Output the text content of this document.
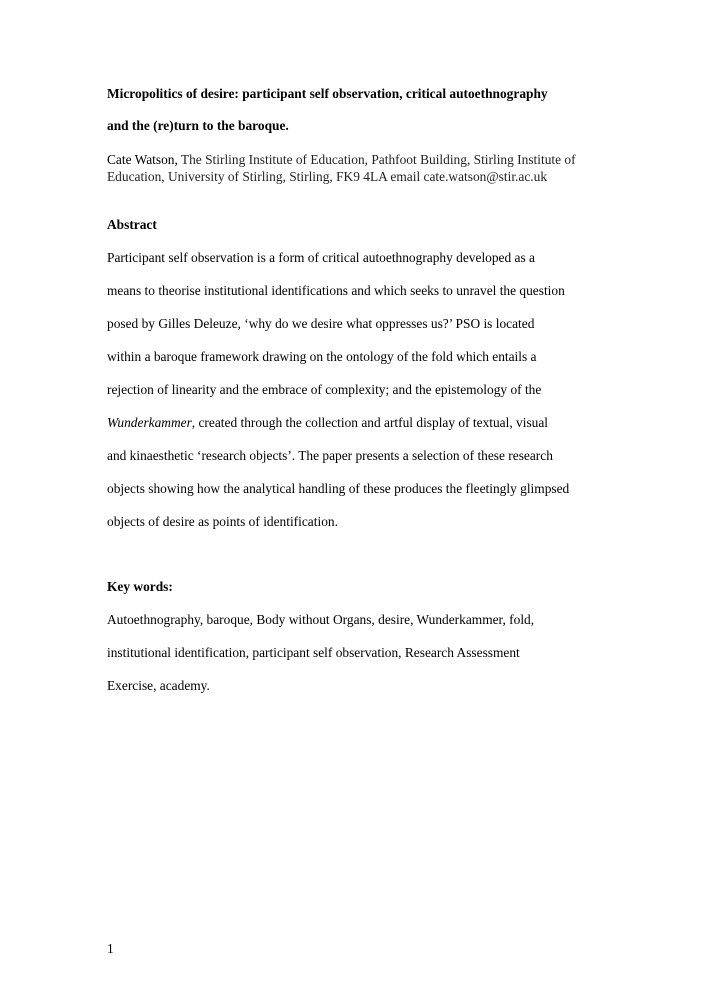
Micropolitics of desire: participant self observation, critical autoethnography
and the (re)turn to the baroque.
Cate Watson, The Stirling Institute of Education, Pathfoot Building, Stirling Institute of Education, University of Stirling, Stirling, FK9 4LA email cate.watson@stir.ac.uk
Abstract
Participant self observation is a form of critical autoethnography developed as a
means to theorise institutional identifications and which seeks to unravel the question
posed by Gilles Deleuze, ‘why do we desire what oppresses us?’ PSO is located
within a baroque framework drawing on the ontology of the fold which entails a
rejection of linearity and the embrace of complexity; and the epistemology of the
Wunderkammer, created through the collection and artful display of textual, visual
and kinaesthetic ‘research objects’. The paper presents a selection of these research
objects showing how the analytical handling of these produces the fleetingly glimpsed
objects of desire as points of identification.
Key words:
Autoethnography, baroque, Body without Organs, desire, Wunderkammer, fold,
institutional identification, participant self observation, Research Assessment
Exercise, academy.
1
